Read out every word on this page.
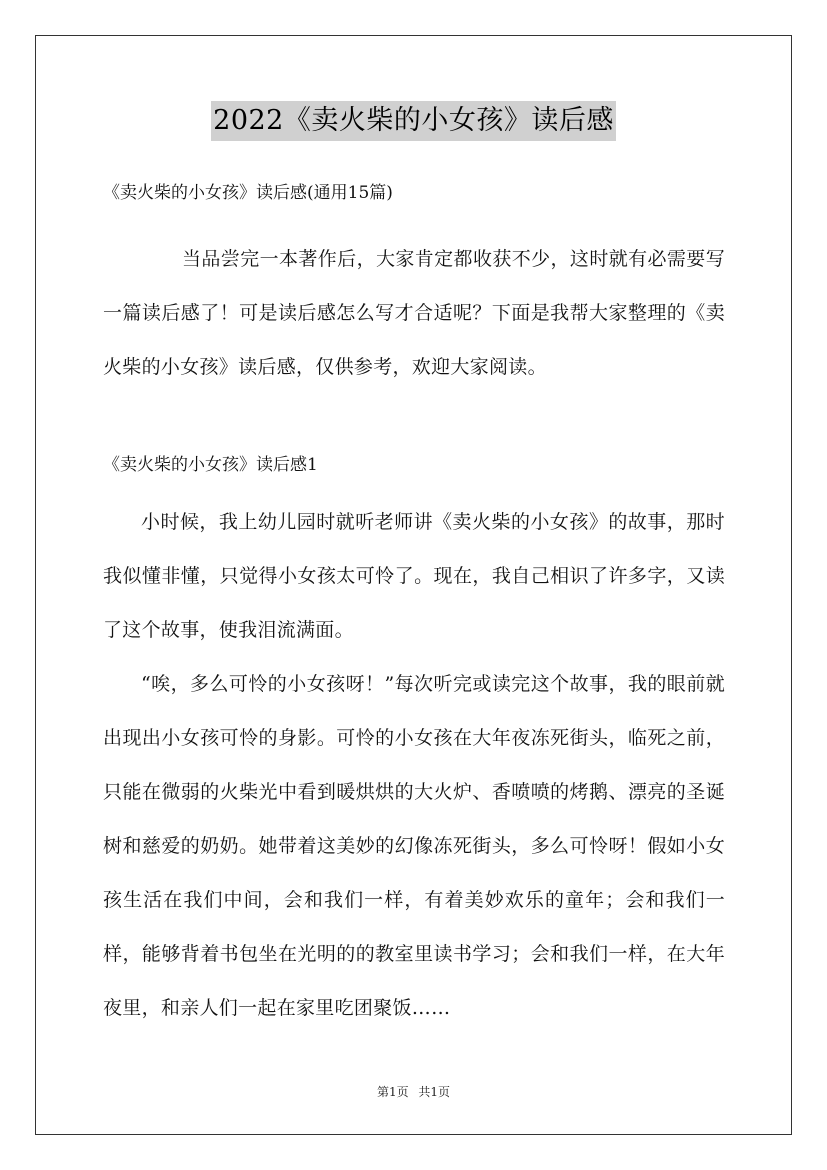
2022《卖火柴的小女孩》读后感
《卖火柴的小女孩》读后感(通用15篇)

当品尝完一本著作后，大家肯定都收获不少，这时就有必需要写一篇读后感了！可是读后感怎么写才合适呢？下面是我帮大家整理的《卖火柴的小女孩》读后感，仅供参考，欢迎大家阅读。

《卖火柴的小女孩》读后感1

小时候，我上幼儿园时就听老师讲《卖火柴的小女孩》的故事，那时我似懂非懂，只觉得小女孩太可怜了。现在，我自己相识了许多字，又读了这个故事，使我泪流满面。

“唉，多么可怜的小女孩呀！”每次听完或读完这个故事，我的眼前就出现出小女孩可怜的身影。可怜的小女孩在大年夜冻死街头，临死之前，只能在微弱的火柴光中看到暖烘烘的大火炉、香喷喷的烤鹅、漂亮的圣诞树和慈爱的奶奶。她带着这美妙的幻像冻死街头，多么可怜呀！假如小女孩生活在我们中间，会和我们一样，有着美妙欢乐的童年；会和我们一样，能够背着书包坐在光明的的教室里读书学习；会和我们一样，在大年夜里，和亲人们一起在家里吃团聚饭……

第1页 共1页
